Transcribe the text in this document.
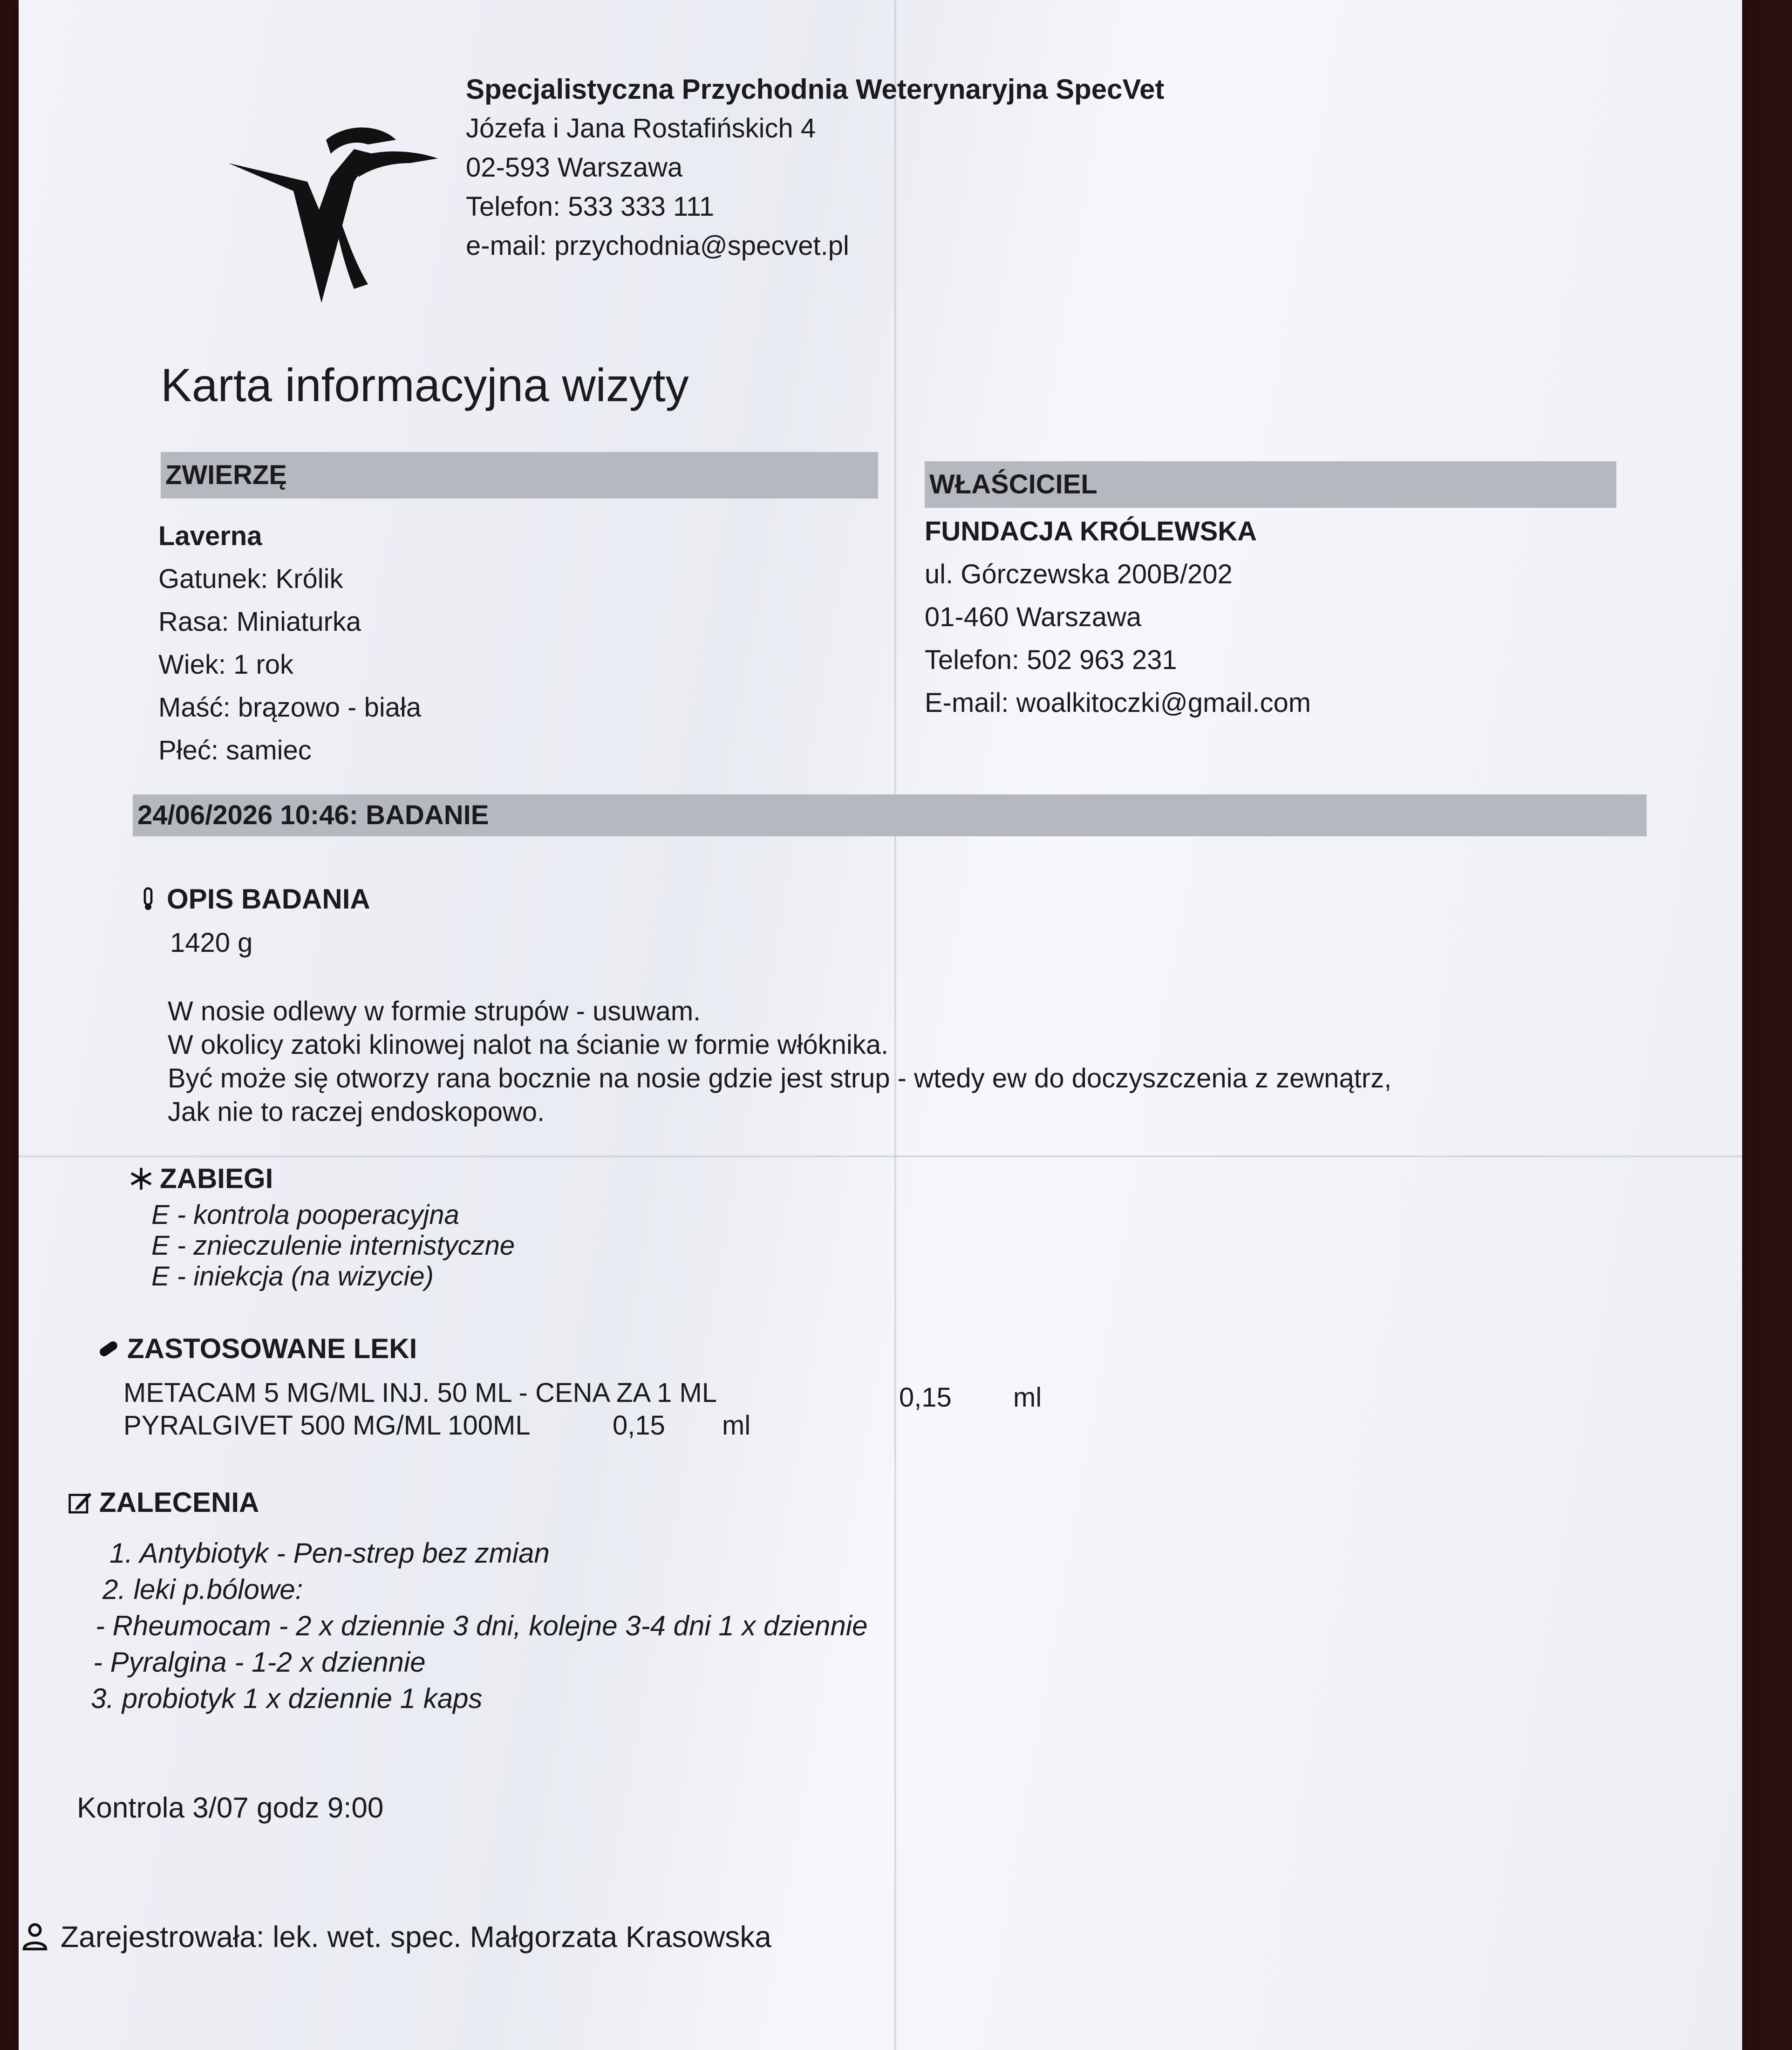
Specjalistyczna Przychodnia Weterynaryjna SpecVet
Józefa i Jana Rostafińskich 4
02-593 Warszawa
Telefon: 533 333 111
e-mail: przychodnia@specvet.pl
Karta informacyjna wizyty
ZWIERZĘ	WŁAŚCICIEL
Laverna
Gatunek: Królik
Rasa: Miniaturka
Wiek: 1 rok
Maść: brązowo - biała
Płeć: samiec
FUNDACJA KRÓLEWSKA
ul. Górczewska 200B/202
01-460 Warszawa
Telefon: 502 963 231
E-mail: woalkitoczki@gmail.com
24/06/2026 10:46: BADANIE
OPIS BADANIA
1420 g
W nosie odlewy w formie strupów - usuwam.
W okolicy zatoki klinowej nalot na ścianie w formie włóknika.
Być może się otworzy rana bocznie na nosie gdzie jest strup - wtedy ew do doczyszczenia z zewnątrz,
Jak nie to raczej endoskopowo.
ZABIEGI
E - kontrola pooperacyjna
E - znieczulenie internistyczne
E - iniekcja (na wizycie)
ZASTOSOWANE LEKI
METACAM 5 MG/ML INJ. 50 ML - CENA ZA 1 ML	0,15 ml
PYRALGIVET 500 MG/ML 100ML	0,15 ml
ZALECENIA
1. Antybiotyk - Pen-strep bez zmian
2. leki p.bólowe:
- Rheumocam - 2 x dziennie 3 dni, kolejne 3-4 dni 1 x dziennie
- Pyralgina - 1-2 x dziennie
3. probiotyk 1 x dziennie 1 kaps
Kontrola 3/07 godz 9:00
Zarejestrowała: lek. wet. spec. Małgorzata Krasowska
